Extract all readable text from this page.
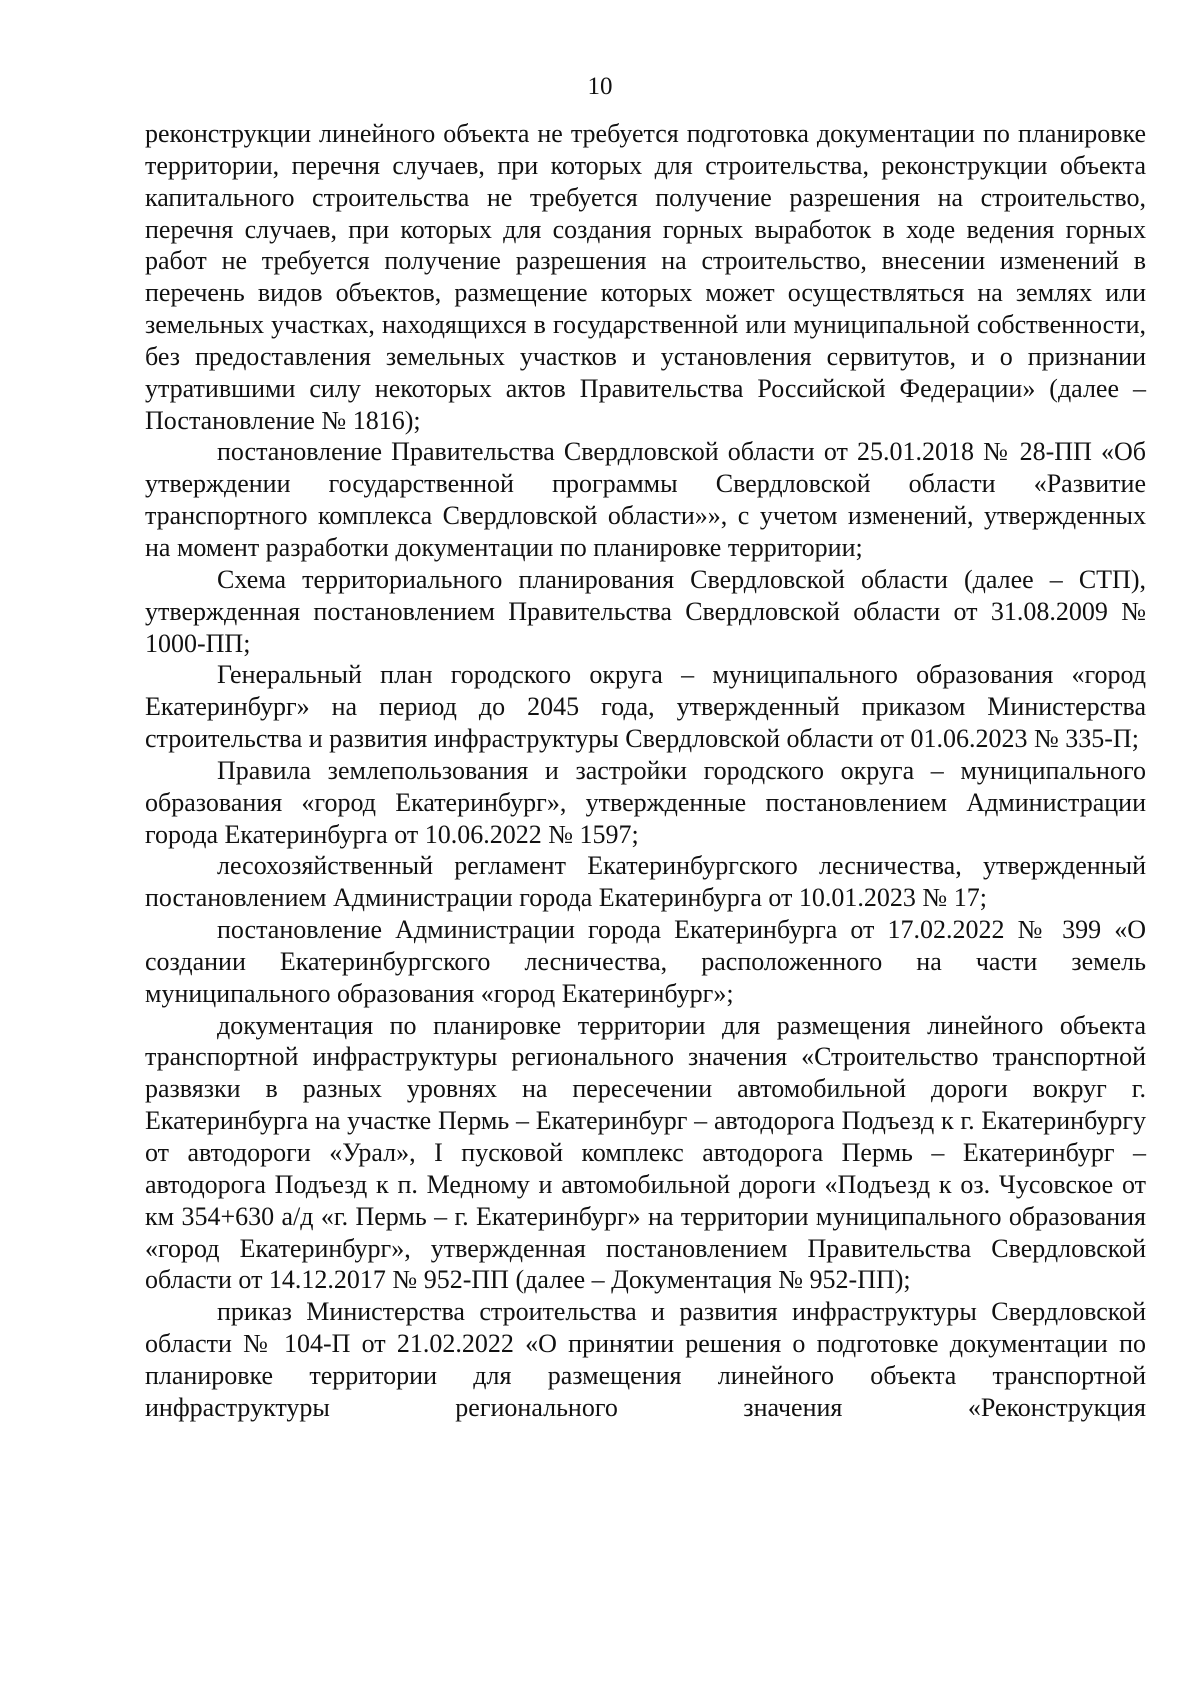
10

реконструкции линейного объекта не требуется подготовка документации по планировке территории, перечня случаев, при которых для строительства, реконструкции объекта капитального строительства не требуется получение разрешения на строительство, перечня случаев, при которых для создания горных выработок в ходе ведения горных работ не требуется получение разрешения на строительство, внесении изменений в перечень видов объектов, размещение которых может осуществляться на землях или земельных участках, находящихся в государственной или муниципальной собственности, без предоставления земельных участков и установления сервитутов, и о признании утратившими силу некоторых актов Правительства Российской Федерации» (далее – Постановление № 1816);

постановление Правительства Свердловской области от 25.01.2018 № 28-ПП «Об утверждении государственной программы Свердловской области «Развитие транспортного комплекса Свердловской области»», с учетом изменений, утвержденных на момент разработки документации по планировке территории;

Схема территориального планирования Свердловской области (далее – СТП), утвержденная постановлением Правительства Свердловской области от 31.08.2009 № 1000-ПП;

Генеральный план городского округа – муниципального образования «город Екатеринбург» на период до 2045 года, утвержденный приказом Министерства строительства и развития инфраструктуры Свердловской области от 01.06.2023 № 335-П;

Правила землепользования и застройки городского округа – муниципального образования «город Екатеринбург», утвержденные постановлением Администрации города Екатеринбурга от 10.06.2022 № 1597;

лесохозяйственный регламент Екатеринбургского лесничества, утвержденный постановлением Администрации города Екатеринбурга от 10.01.2023 № 17;

постановление Администрации города Екатеринбурга от 17.02.2022 № 399 «О создании Екатеринбургского лесничества, расположенного на части земель муниципального образования «город Екатеринбург»;

документация по планировке территории для размещения линейного объекта транспортной инфраструктуры регионального значения «Строительство транспортной развязки в разных уровнях на пересечении автомобильной дороги вокруг г. Екатеринбурга на участке Пермь – Екатеринбург – автодорога Подъезд к г. Екатеринбургу от автодороги «Урал», I пусковой комплекс автодорога Пермь – Екатеринбург – автодорога Подъезд к п. Медному и автомобильной дороги «Подъезд к оз. Чусовское от км 354+630 а/д «г. Пермь – г. Екатеринбург» на территории муниципального образования «город Екатеринбург», утвержденная постановлением Правительства Свердловской области от 14.12.2017 № 952-ПП (далее – Документация № 952-ПП);

приказ Министерства строительства и развития инфраструктуры Свердловской области № 104-П от 21.02.2022 «О принятии решения о подготовке документации по планировке территории для размещения линейного объекта транспортной инфраструктуры регионального значения «Реконструкция
